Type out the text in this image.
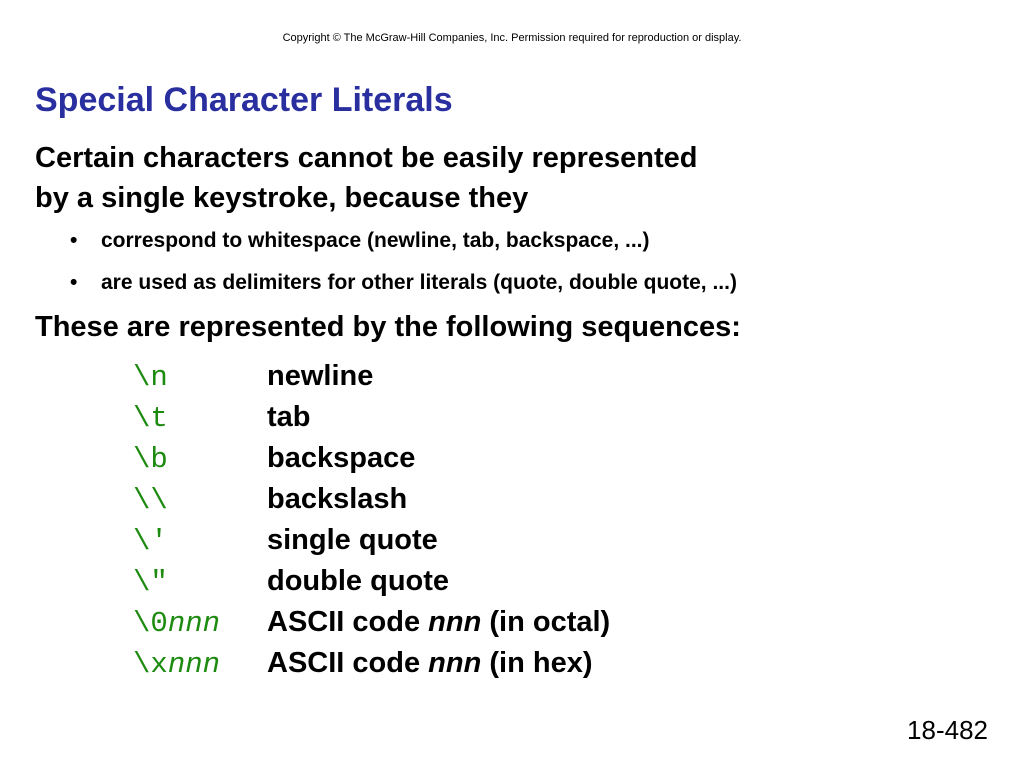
Copyright © The McGraw-Hill Companies, Inc. Permission required for reproduction or display.
Special Character Literals
Certain characters cannot be easily represented
by a single keystroke, because they
• correspond to whitespace (newline, tab, backspace, ...)
• are used as delimiters for other literals (quote, double quote, ...)
These are represented by the following sequences:
\n	newline
\t	tab
\b	backspace
\\	backslash
\'	single quote
\"	double quote
\0nnn	ASCII code nnn (in octal)
\xnnn	ASCII code nnn (in hex)
18-482
